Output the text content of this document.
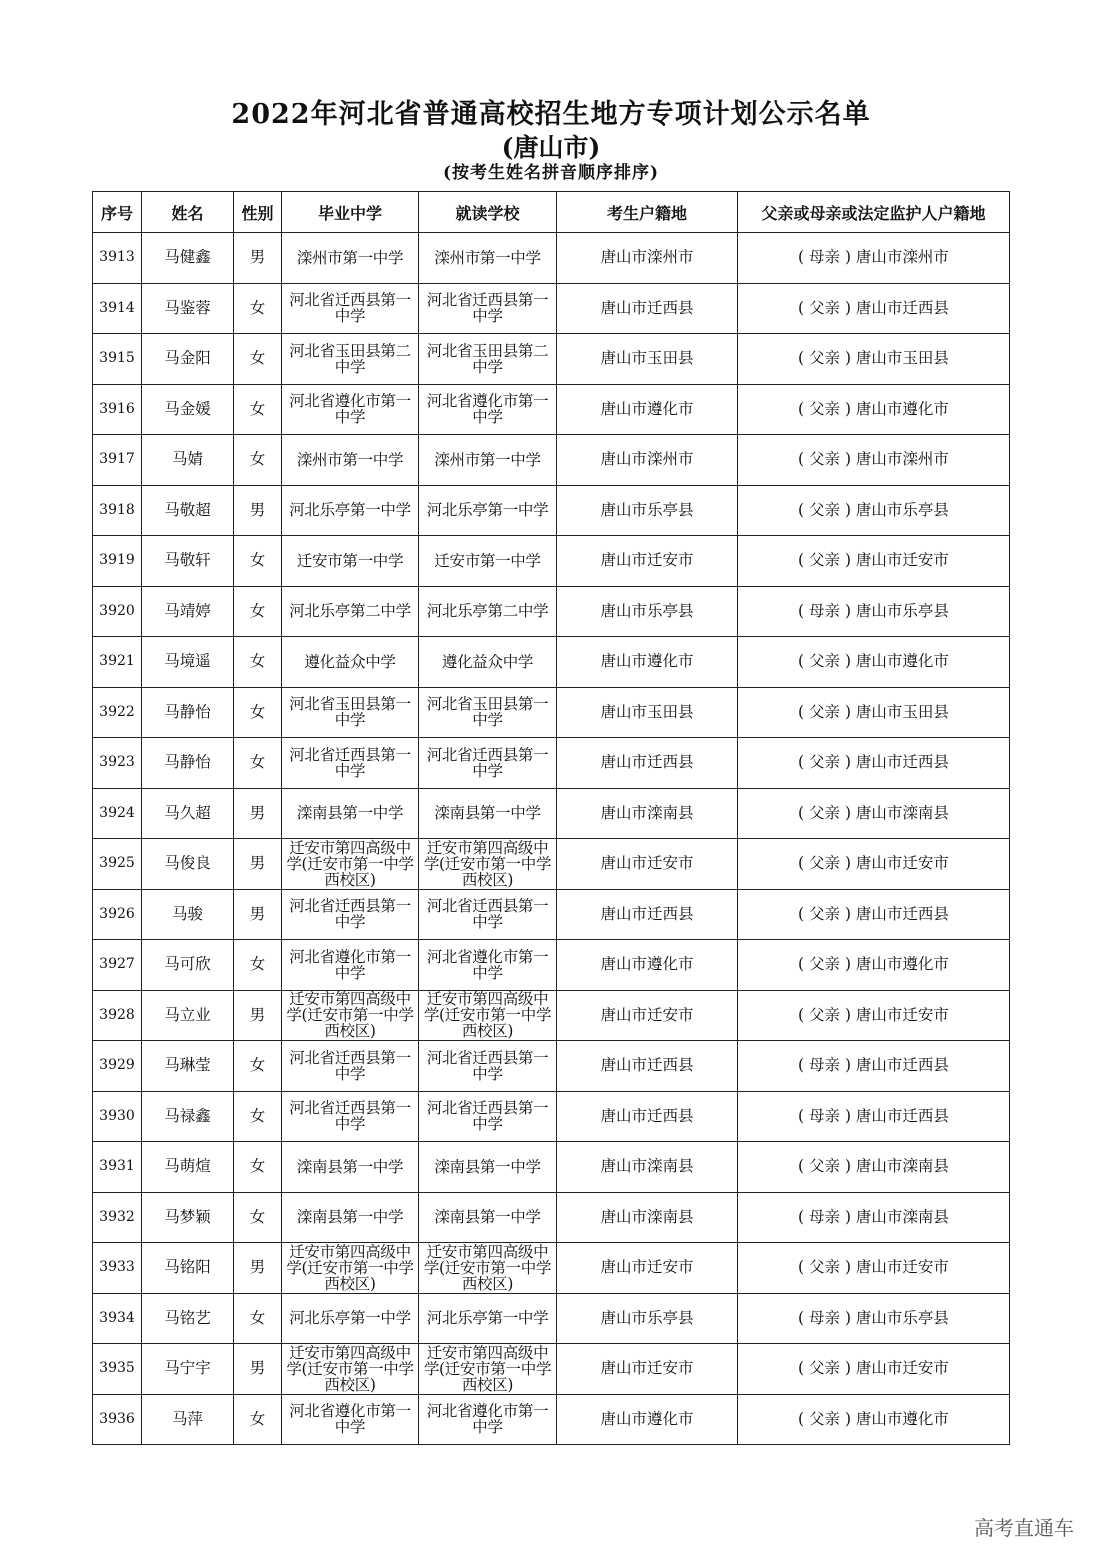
2022年河北省普通高校招生地方专项计划公示名单
(唐山市)
(按考生姓名拼音顺序排序)
序号	姓名	性别	毕业中学	就读学校	考生户籍地	父亲或母亲或法定监护人户籍地
3913	马健鑫	男	滦州市第一中学	滦州市第一中学	唐山市滦州市	( 母亲 ) 唐山市滦州市
3914	马鉴蓉	女	河北省迁西县第一中学	河北省迁西县第一中学	唐山市迁西县	( 父亲 ) 唐山市迁西县
3915	马金阳	女	河北省玉田县第二中学	河北省玉田县第二中学	唐山市玉田县	( 父亲 ) 唐山市玉田县
3916	马金媛	女	河北省遵化市第一中学	河北省遵化市第一中学	唐山市遵化市	( 父亲 ) 唐山市遵化市
3917	马婧	女	滦州市第一中学	滦州市第一中学	唐山市滦州市	( 父亲 ) 唐山市滦州市
3918	马敬超	男	河北乐亭第一中学	河北乐亭第一中学	唐山市乐亭县	( 父亲 ) 唐山市乐亭县
3919	马敬轩	女	迁安市第一中学	迁安市第一中学	唐山市迁安市	( 父亲 ) 唐山市迁安市
3920	马靖婷	女	河北乐亭第二中学	河北乐亭第二中学	唐山市乐亭县	( 母亲 ) 唐山市乐亭县
3921	马境遥	女	遵化益众中学	遵化益众中学	唐山市遵化市	( 父亲 ) 唐山市遵化市
3922	马静怡	女	河北省玉田县第一中学	河北省玉田县第一中学	唐山市玉田县	( 父亲 ) 唐山市玉田县
3923	马静怡	女	河北省迁西县第一中学	河北省迁西县第一中学	唐山市迁西县	( 父亲 ) 唐山市迁西县
3924	马久超	男	滦南县第一中学	滦南县第一中学	唐山市滦南县	( 父亲 ) 唐山市滦南县
3925	马俊良	男	迁安市第四高级中学(迁安市第一中学西校区)	迁安市第四高级中学(迁安市第一中学西校区)	唐山市迁安市	( 父亲 ) 唐山市迁安市
3926	马骏	男	河北省迁西县第一中学	河北省迁西县第一中学	唐山市迁西县	( 父亲 ) 唐山市迁西县
3927	马可欣	女	河北省遵化市第一中学	河北省遵化市第一中学	唐山市遵化市	( 父亲 ) 唐山市遵化市
3928	马立业	男	迁安市第四高级中学(迁安市第一中学西校区)	迁安市第四高级中学(迁安市第一中学西校区)	唐山市迁安市	( 父亲 ) 唐山市迁安市
3929	马琳莹	女	河北省迁西县第一中学	河北省迁西县第一中学	唐山市迁西县	( 母亲 ) 唐山市迁西县
3930	马禄鑫	女	河北省迁西县第一中学	河北省迁西县第一中学	唐山市迁西县	( 母亲 ) 唐山市迁西县
3931	马萌煊	女	滦南县第一中学	滦南县第一中学	唐山市滦南县	( 父亲 ) 唐山市滦南县
3932	马梦颖	女	滦南县第一中学	滦南县第一中学	唐山市滦南县	( 母亲 ) 唐山市滦南县
3933	马铭阳	男	迁安市第四高级中学(迁安市第一中学西校区)	迁安市第四高级中学(迁安市第一中学西校区)	唐山市迁安市	( 父亲 ) 唐山市迁安市
3934	马铭艺	女	河北乐亭第一中学	河北乐亭第一中学	唐山市乐亭县	( 母亲 ) 唐山市乐亭县
3935	马宁宇	男	迁安市第四高级中学(迁安市第一中学西校区)	迁安市第四高级中学(迁安市第一中学西校区)	唐山市迁安市	( 父亲 ) 唐山市迁安市
3936	马萍	女	河北省遵化市第一中学	河北省遵化市第一中学	唐山市遵化市	( 父亲 ) 唐山市遵化市
高考直通车
